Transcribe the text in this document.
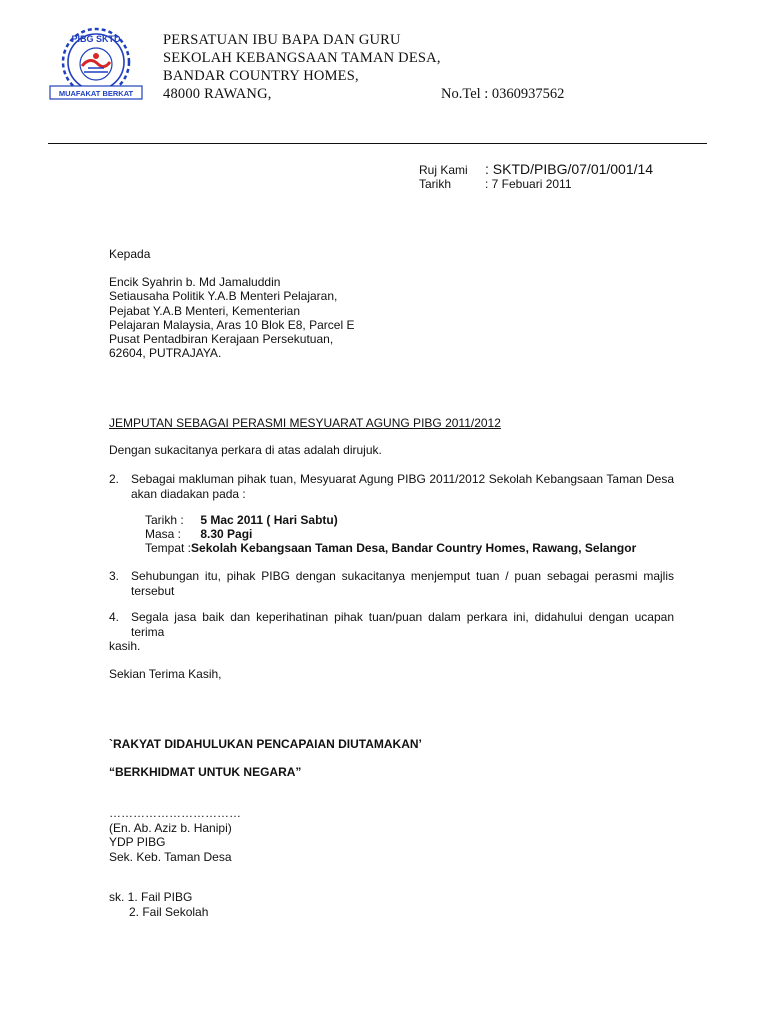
PIBG SKTD
MUAFAKAT BERKAT
PERSATUAN IBU BAPA DAN GURU
SEKOLAH KEBANGSAAN TAMAN DESA,
BANDAR COUNTRY HOMES,
48000 RAWANG,	No.Tel : 0360937562
Ruj Kami : SKTD/PIBG/07/01/001/14
Tarikh	: 7 Febuari 2011
Kepada
Encik Syahrin b. Md Jamaluddin
Setiausaha Politik Y.A.B Menteri Pelajaran,
Pejabat Y.A.B Menteri, Kementerian
Pelajaran Malaysia, Aras 10 Blok E8, Parcel E
Pusat Pentadbiran Kerajaan Persekutuan,
62604, PUTRAJAYA.
JEMPUTAN SEBAGAI PERASMI MESYUARAT AGUNG PIBG 2011/2012
Dengan sukacitanya perkara di atas adalah dirujuk.
2. Sebagai makluman pihak tuan, Mesyuarat Agung PIBG 2011/2012 Sekolah Kebangsaan Taman Desa akan diadakan pada :
Tarikh : 5 Mac 2011 ( Hari Sabtu)
Masa : 8.30 Pagi
Tempat :Sekolah Kebangsaan Taman Desa, Bandar Country Homes, Rawang, Selangor
3. Sehubungan itu, pihak PIBG dengan sukacitanya menjemput tuan / puan sebagai perasmi majlis tersebut
4. Segala jasa baik dan keperihatinan pihak tuan/puan dalam perkara ini, didahului dengan ucapan terima
kasih.
Sekian Terima Kasih,
`RAKYAT DIDAHULUKAN PENCAPAIAN DIUTAMAKAN’
“BERKHIDMAT UNTUK NEGARA”
……………………………
(En. Ab. Aziz b. Hanipi)
YDP PIBG
Sek. Keb. Taman Desa
sk. 1. Fail PIBG
2. Fail Sekolah
